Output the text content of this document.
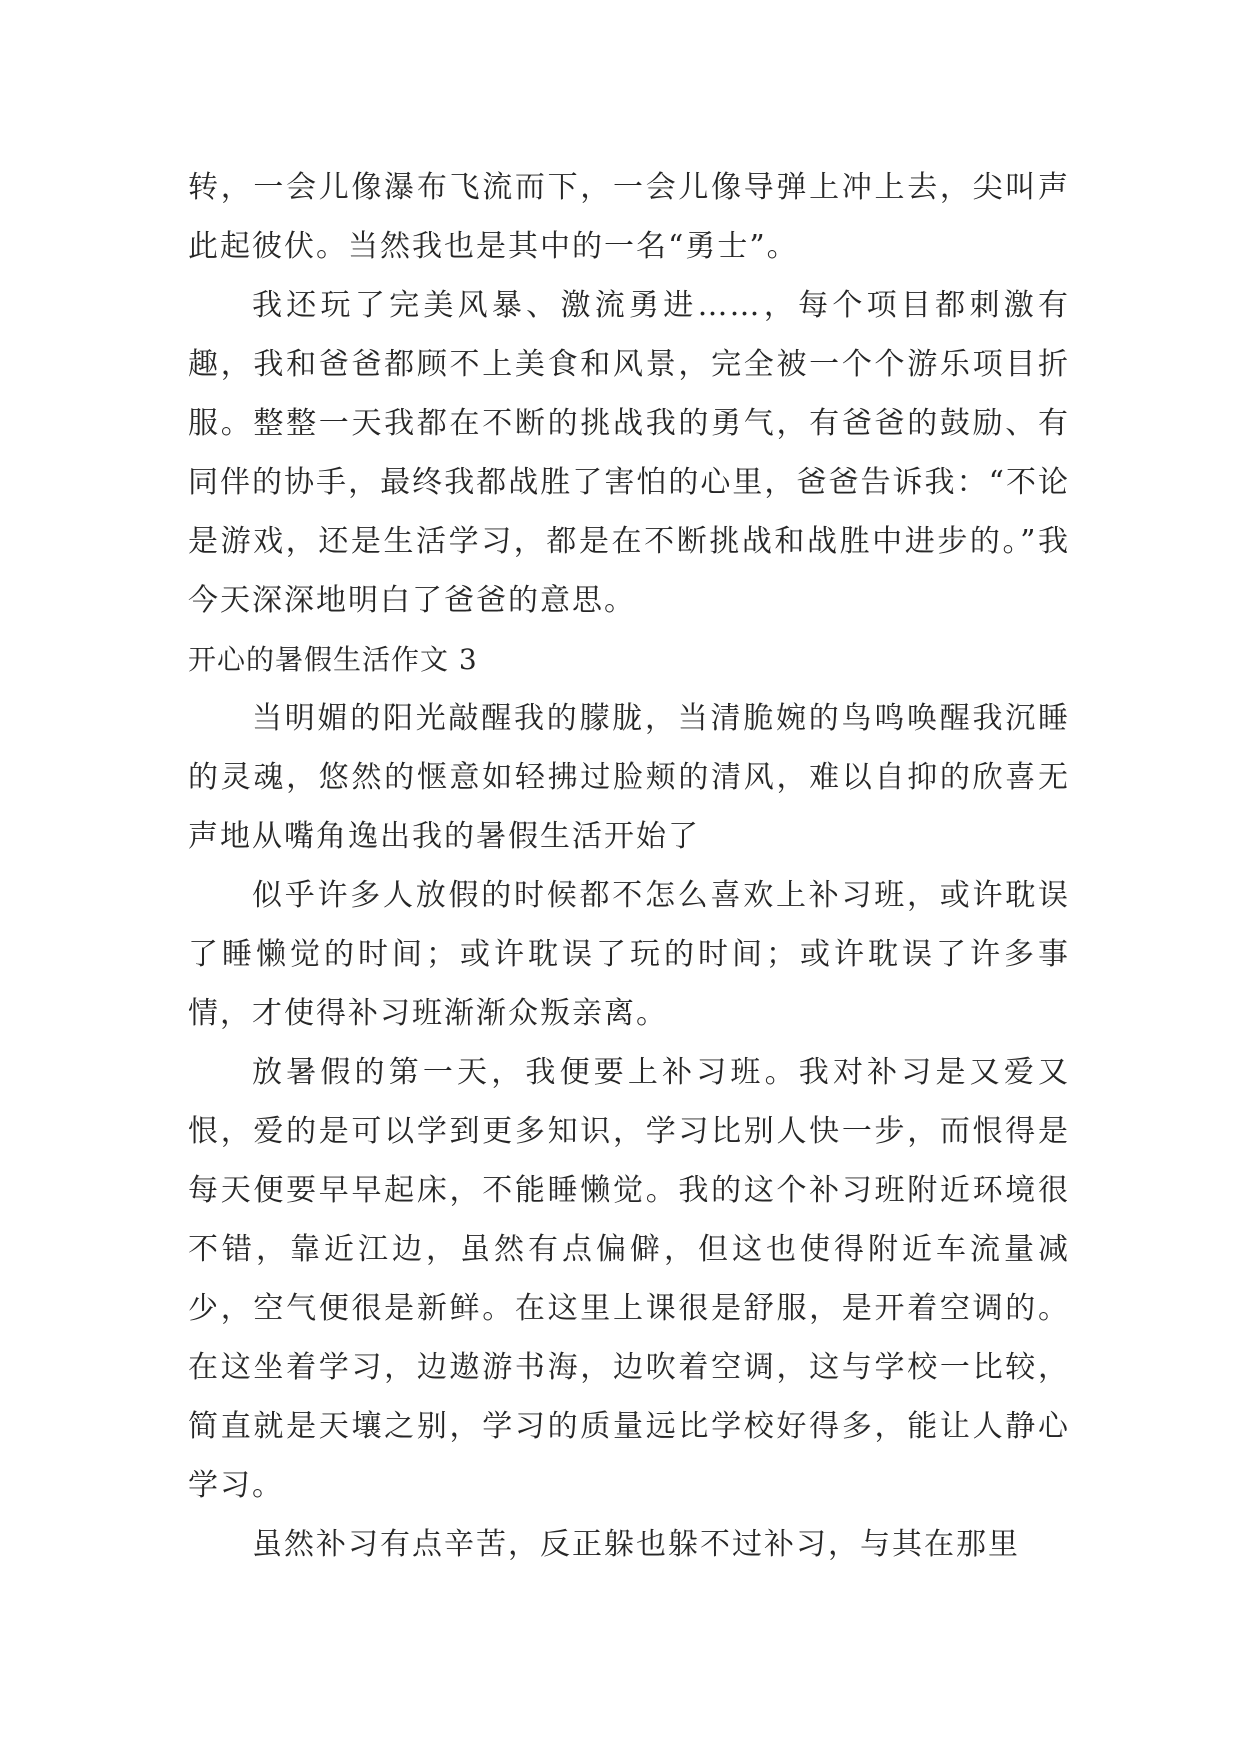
转，一会儿像瀑布飞流而下，一会儿像导弹上冲上去，尖叫声此起彼伏。当然我也是其中的一名“勇士”。

我还玩了完美风暴、激流勇进……，每个项目都刺激有趣，我和爸爸都顾不上美食和风景，完全被一个个游乐项目折服。整整一天我都在不断的挑战我的勇气，有爸爸的鼓励、有同伴的协手，最终我都战胜了害怕的心里，爸爸告诉我：“不论是游戏，还是生活学习，都是在不断挑战和战胜中进步的。”我今天深深地明白了爸爸的意思。

开心的暑假生活作文 3

当明媚的阳光敲醒我的朦胧，当清脆婉的鸟鸣唤醒我沉睡的灵魂，悠然的惬意如轻拂过脸颊的清风，难以自抑的欣喜无声地从嘴角逸出我的暑假生活开始了

似乎许多人放假的时候都不怎么喜欢上补习班，或许耽误了睡懒觉的时间；或许耽误了玩的时间；或许耽误了许多事情，才使得补习班渐渐众叛亲离。

放暑假的第一天，我便要上补习班。我对补习是又爱又恨，爱的是可以学到更多知识，学习比别人快一步，而恨得是每天便要早早起床，不能睡懒觉。我的这个补习班附近环境很不错，靠近江边，虽然有点偏僻，但这也使得附近车流量减少，空气便很是新鲜。在这里上课很是舒服，是开着空调的。在这坐着学习，边遨游书海，边吹着空调，这与学校一比较，简直就是天壤之别，学习的质量远比学校好得多，能让人静心学习。

虽然补习有点辛苦，反正躲也躲不过补习，与其在那里
